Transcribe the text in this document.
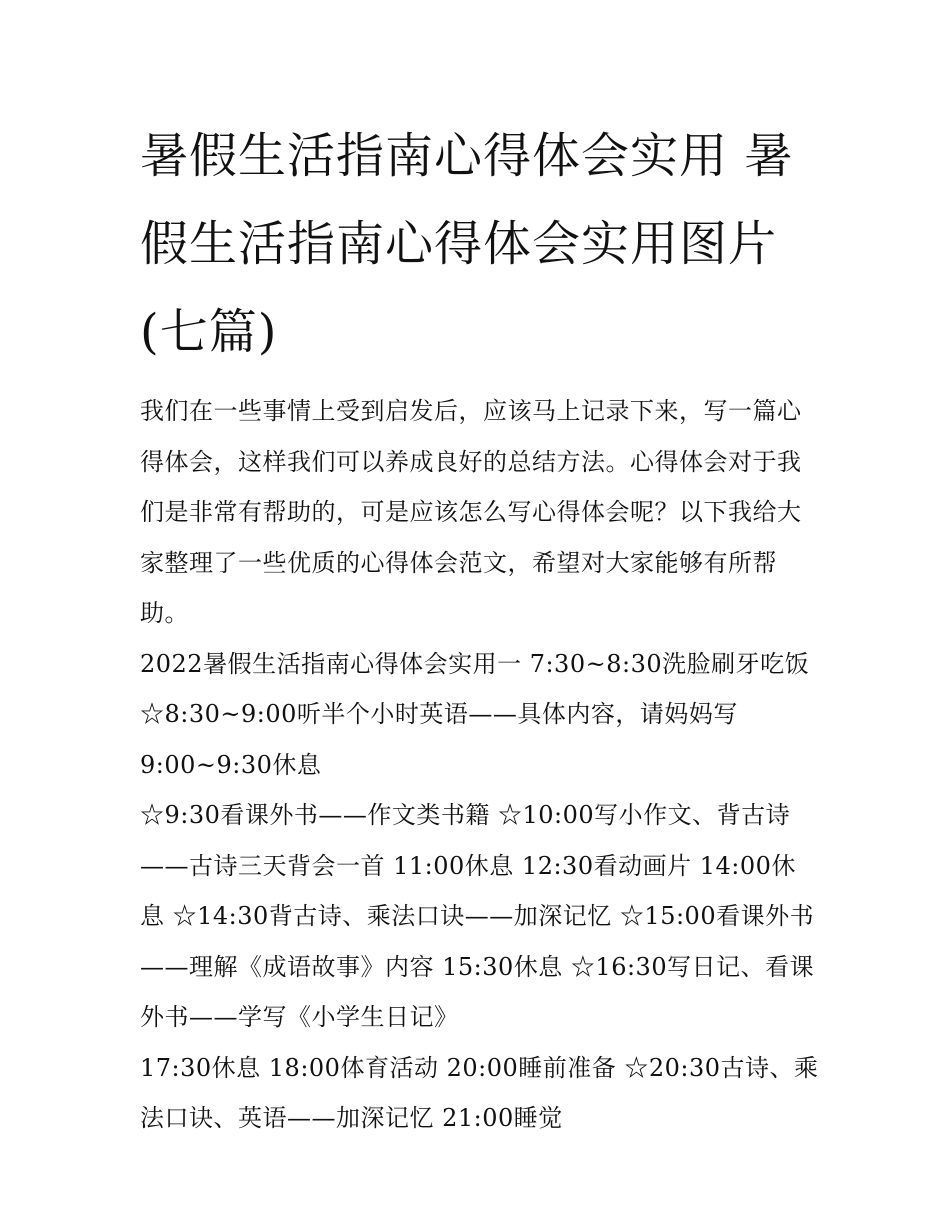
暑假生活指南心得体会实用 暑假生活指南心得体会实用图片(七篇)

我们在一些事情上受到启发后，应该马上记录下来，写一篇心得体会，这样我们可以养成良好的总结方法。心得体会对于我们是非常有帮助的，可是应该怎么写心得体会呢？以下我给大家整理了一些优质的心得体会范文，希望对大家能够有所帮助。

2022暑假生活指南心得体会实用一 7:30~8:30洗脸刷牙吃饭

☆8:30~9:00听半个小时英语——具体内容，请妈妈写

9:00~9:30休息

☆9:30看课外书——作文类书籍 ☆10:00写小作文、背古诗——古诗三天背会一首 11:00休息 12:30看动画片 14:00休息 ☆14:30背古诗、乘法口诀——加深记忆 ☆15:00看课外书——理解《成语故事》内容 15:30休息 ☆16:30写日记、看课外书——学写《小学生日记》

17:30休息 18:00体育活动 20:00睡前准备 ☆20:30古诗、乘法口诀、英语——加深记忆 21:00睡觉
